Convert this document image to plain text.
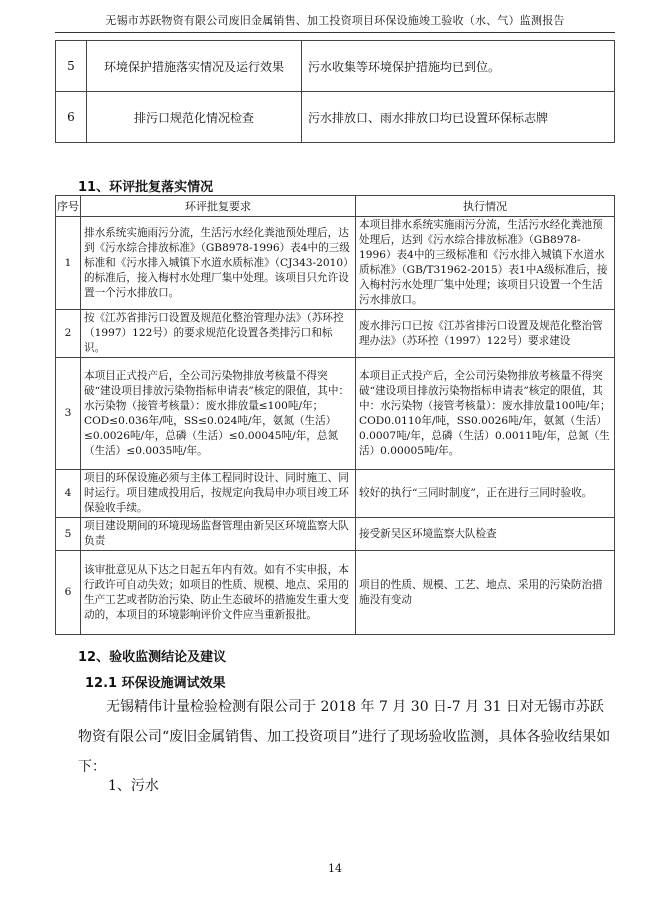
无锡市苏跃物资有限公司废旧金属销售、加工投资项目环保设施竣工验收（水、气）监测报告
5	环境保护措施落实情况及运行效果	污水收集等环境保护措施均已到位。
6	排污口规范化情况检查	污水排放口、雨水排放口均已设置环保标志牌
11、环评批复落实情况
序号	环评批复要求	执行情况
1	排水系统实施雨污分流，生活污水经化粪池预处理后，达到《污水综合排放标准》（GB8978-1996）表4中的三级标准和《污水排入城镇下水道水质标准》（CJ343-2010）的标准后，接入梅村水处理厂集中处理。该项目只允许设置一个污水排放口。	本项目排水系统实施雨污分流，生活污水经化粪池预处理后，达到《污水综合排放标准》（GB8978-1996）表4中的三级标准和《污水排入城镇下水道水质标准》（GB/T31962-2015）表1中A级标准后，接入梅村污水处理厂集中处理；该项目只设置一个生活污水排放口。
2	按《江苏省排污口设置及规范化整治管理办法》（苏环控（1997）122号）的要求规范化设置各类排污口和标识。	废水排污口已按《江苏省排污口设置及规范化整治管理办法》（苏环控（1997）122号）要求建设
3	本项目正式投产后，全公司污染物排放考核量不得突破“建设项目排放污染物指标申请表”核定的限值，其中：水污染物（接管考核量）：废水排放量≤100吨/年；COD≤0.036年/吨，SS≤0.024吨/年，氨氮（生活）≤0.0026吨/年，总磷（生活）≤0.00045吨/年，总氮（生活）≤0.0035吨/年。	本项目正式投产后，全公司污染物排放考核量不得突破“建设项目排放污染物指标申请表”核定的限值，其中：水污染物（接管考核量）：废水排放量100吨/年；COD0.0110年/吨，SS0.0026吨/年，氨氮（生活）0.0007吨/年，总磷（生活）0.0011吨/年，总氮（生活）0.00005吨/年。
4	项目的环保设施必须与主体工程同时设计、同时施工、同时运行。项目建成投用后，按规定向我局申办项目竣工环保验收手续。	较好的执行“三同时制度”，正在进行三同时验收。
5	项目建设期间的环境现场监督管理由新吴区环境监察大队负责	接受新吴区环境监察大队检查
6	该审批意见从下达之日起五年内有效。如有不实申报，本行政许可自动失效；如项目的性质、规模、地点、采用的生产工艺或者防治污染、防止生态破坏的措施发生重大变动的，本项目的环境影响评价文件应当重新报批。	项目的性质、规模、工艺、地点、采用的污染防治措施没有变动
12、验收监测结论及建议
12.1 环保设施调试效果
无锡精伟计量检验检测有限公司于 2018 年 7 月 30 日-7 月 31 日对无锡市苏跃物资有限公司“废旧金属销售、加工投资项目”进行了现场验收监测，具体各验收结果如下：
1、污水
14
